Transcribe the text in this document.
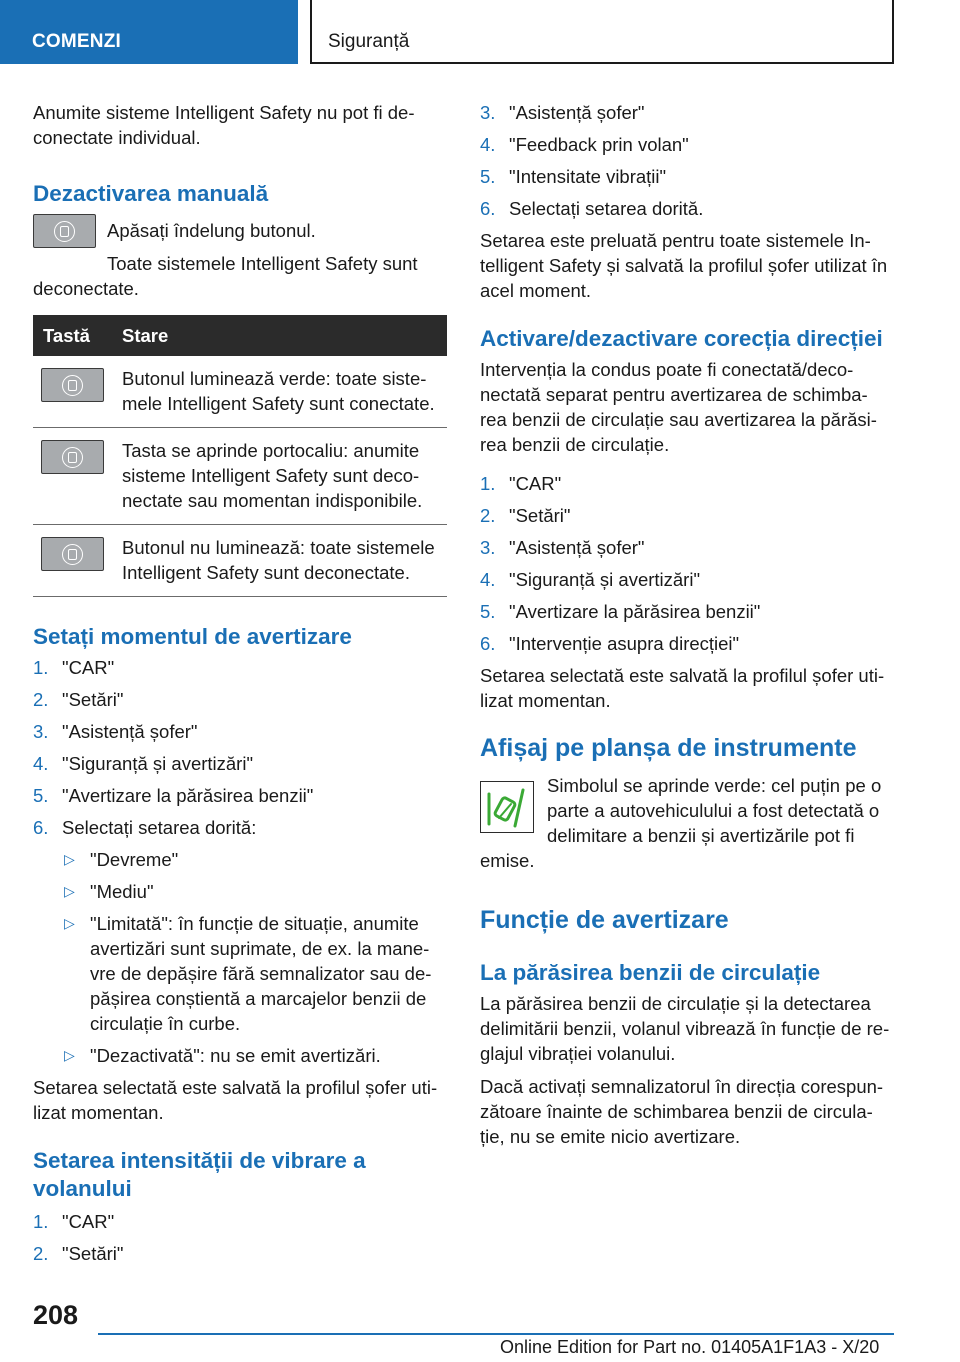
COMENZI	Siguranță

Anumite sisteme Intelligent Safety nu pot fi de-conectate individual.

Dezactivarea manuală

Apăsați îndelung butonul.

Toate sistemele Intelligent Safety sunt

deconectate.

Tastă	Stare

	Butonul luminează verde: toate siste-mele Intelligent Safety sunt conectate.

	Tasta se aprinde portocaliu: anumite sisteme Intelligent Safety sunt deco-nectate sau momentan indisponibile.

	Butonul nu luminează: toate sistemele Intelligent Safety sunt deconectate.
Setați momentul de avertizare
1. "CAR"
2. "Setări"
3. "Asistență șofer"
4. "Siguranță și avertizări"
5. "Avertizare la părăsirea benzii"
6. Selectați setarea dorită:
▷ "Devreme"
▷ "Mediu"
▷ "Limitată": în funcție de situație, anumite avertizări sunt suprimate, de ex. la mane-vre de depășire fără semnalizator sau de-pășirea conștientă a marcajelor benzii de circulație în curbe.
▷ "Dezactivată": nu se emit avertizări.

Setarea selectată este salvată la profilul șofer uti-lizat momentan.

Setarea intensității de vibrare a volanului
1. "CAR"
2. "Setări"
3. "Asistență șofer"
4. "Feedback prin volan"
5. "Intensitate vibrații"
6. Selectați setarea dorită.

Setarea este preluată pentru toate sistemele In-telligent Safety și salvată la profilul șofer utilizat în acel moment.

Activare/dezactivare corecția direcției

Intervenția la condus poate fi conectată/deco-nectată separat pentru avertizarea de schimba-rea benzii de circulație sau avertizarea la părăsi-rea benzii de circulație.

1. "CAR"
2. "Setări"
3. "Asistență șofer"
4. "Siguranță și avertizări"
5. "Avertizare la părăsirea benzii"
6. "Intervenție asupra direcției"

Setarea selectată este salvată la profilul șofer uti-lizat momentan.

Afișaj pe planșa de instrumente

Simbolul se aprinde verde: cel puțin pe o parte a autovehiculului a fost detectată o delimitare a benzii și avertizările pot fi

emise.

Funcție de avertizare
La părăsirea benzii de circulație

La părăsirea benzii de circulație și la detectarea delimitării benzii, volanul vibrează în funcție de re-glajul vibrației volanului.

Dacă activați semnalizatorul în direcția corespun-zătoare înainte de schimbarea benzii de circula-ție, nu se emite nicio avertizare.

208
Online Edition for Part no. 01405A1F1A3 - X/20
